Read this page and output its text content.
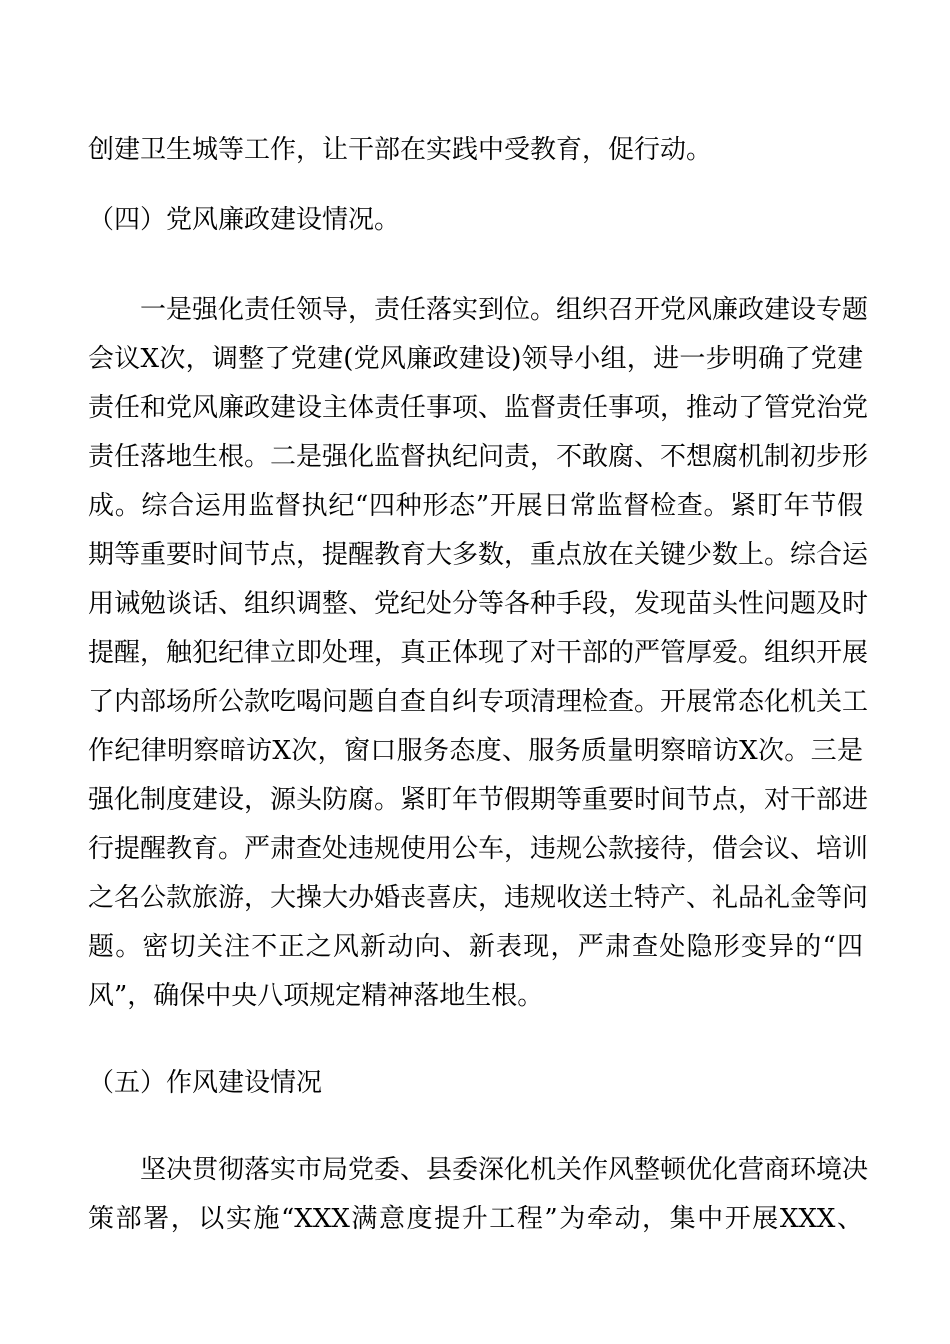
创建卫生城等工作，让干部在实践中受教育，促行动。
（四）党风廉政建设情况。
一是强化责任领导，责任落实到位。组织召开党风廉政建设专题
会议X次，调整了党建(党风廉政建设)领导小组，进一步明确了党建
责任和党风廉政建设主体责任事项、监督责任事项，推动了管党治党
责任落地生根。二是强化监督执纪问责，不敢腐、不想腐机制初步形
成。综合运用监督执纪“四种形态”开展日常监督检查。紧盯年节假
期等重要时间节点，提醒教育大多数，重点放在关键少数上。综合运
用诫勉谈话、组织调整、党纪处分等各种手段，发现苗头性问题及时
提醒，触犯纪律立即处理，真正体现了对干部的严管厚爱。组织开展
了内部场所公款吃喝问题自查自纠专项清理检查。开展常态化机关工
作纪律明察暗访X次，窗口服务态度、服务质量明察暗访X次。三是
强化制度建设，源头防腐。紧盯年节假期等重要时间节点，对干部进
行提醒教育。严肃查处违规使用公车，违规公款接待，借会议、培训
之名公款旅游，大操大办婚丧喜庆，违规收送土特产、礼品礼金等问
题。密切关注不正之风新动向、新表现，严肃查处隐形变异的“四
风”，确保中央八项规定精神落地生根。
（五）作风建设情况
坚决贯彻落实市局党委、县委深化机关作风整顿优化营商环境决
策部署，以实施“XXX满意度提升工程”为牵动，集中开展XXX、
